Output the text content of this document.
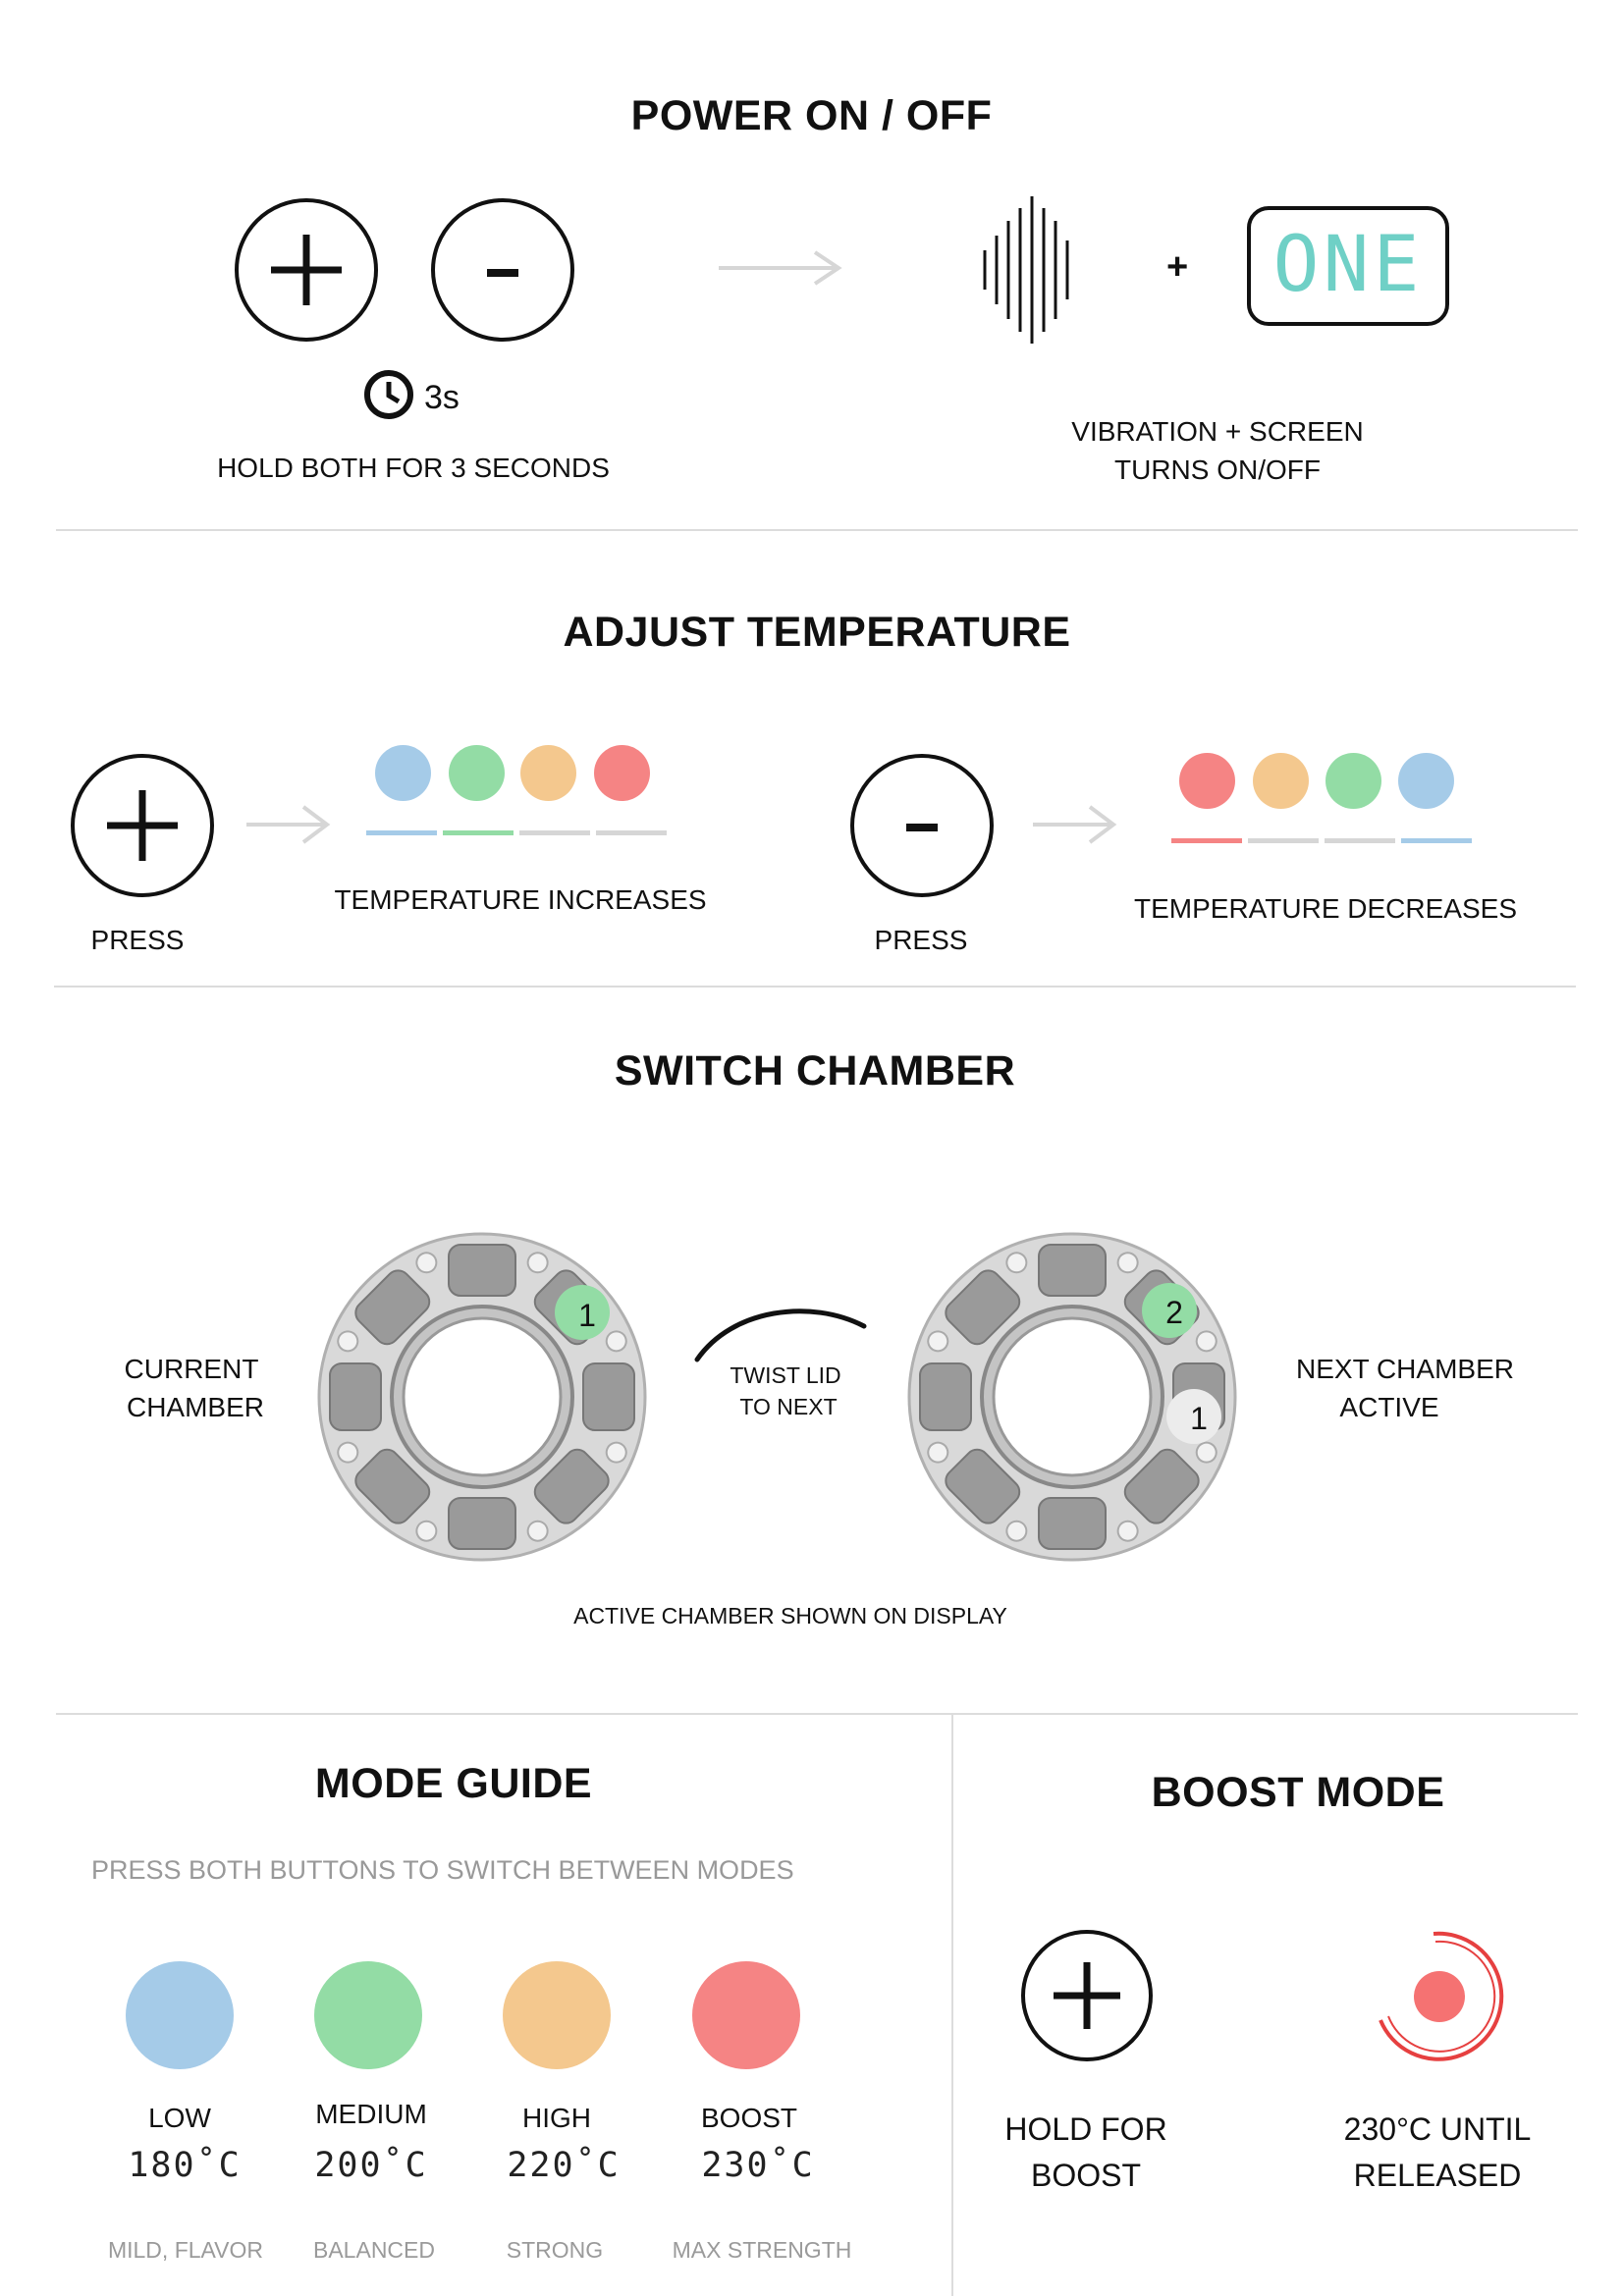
POWER ON / OFF
3s
HOLD BOTH FOR 3 SECONDS
+ ONE
VIBRATION + SCREEN
TURNS ON/OFF
ADJUST TEMPERATURE
PRESS
TEMPERATURE INCREASES
PRESS
TEMPERATURE DECREASES
SWITCH CHAMBER
CURRENT
CHAMBER
1
TWIST LID
TO NEXT
2
1
NEXT CHAMBER
ACTIVE
ACTIVE CHAMBER SHOWN ON DISPLAY
MODE GUIDE
PRESS BOTH BUTTONS TO SWITCH BETWEEN MODES
LOW	MEDIUM	HIGH	BOOST
180˚C	200˚C	220˚C	230˚C
MILD, FLAVOR	BALANCED	STRONG	MAX STRENGTH
BOOST MODE
HOLD FOR
BOOST
230°C UNTIL
RELEASED
